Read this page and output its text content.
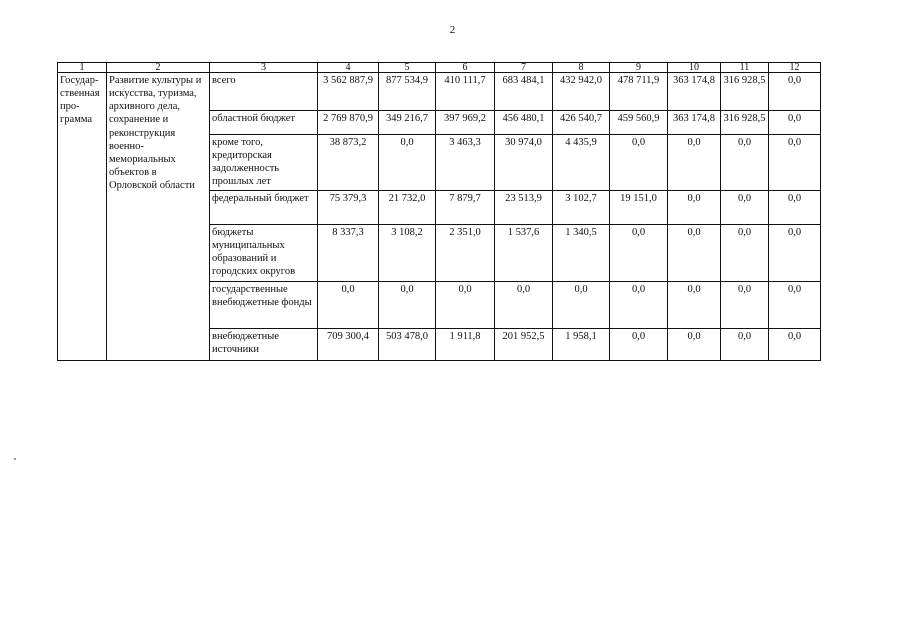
2
1	2	3	4	5	6	7	8	9	10	11	12
Государ-ственная про-грамма	Развитие культуры и искусства, туризма, архивного дела, сохранение и реконструкция военно-мемориальных объектов в Орловской области	всего	3 562 887,9	877 534,9	410 111,7	683 484,1	432 942,0	478 711,9	363 174,8	316 928,5	0,0
		областной бюджет	2 769 870,9	349 216,7	397 969,2	456 480,1	426 540,7	459 560,9	363 174,8	316 928,5	0,0
		кроме того, кредиторская задолженность прошлых лет	38 873,2	0,0	3 463,3	30 974,0	4 435,9	0,0	0,0	0,0	0,0
		федеральный бюджет	75 379,3	21 732,0	7 879,7	23 513,9	3 102,7	19 151,0	0,0	0,0	0,0
		бюджеты муниципальных образований и городских округов	8 337,3	3 108,2	2 351,0	1 537,6	1 340,5	0,0	0,0	0,0	0,0
		государственные внебюджетные фонды	0,0	0,0	0,0	0,0	0,0	0,0	0,0	0,0	0,0
		внебюджетные источники	709 300,4	503 478,0	1 911,8	201 952,5	1 958,1	0,0	0,0	0,0	0,0
